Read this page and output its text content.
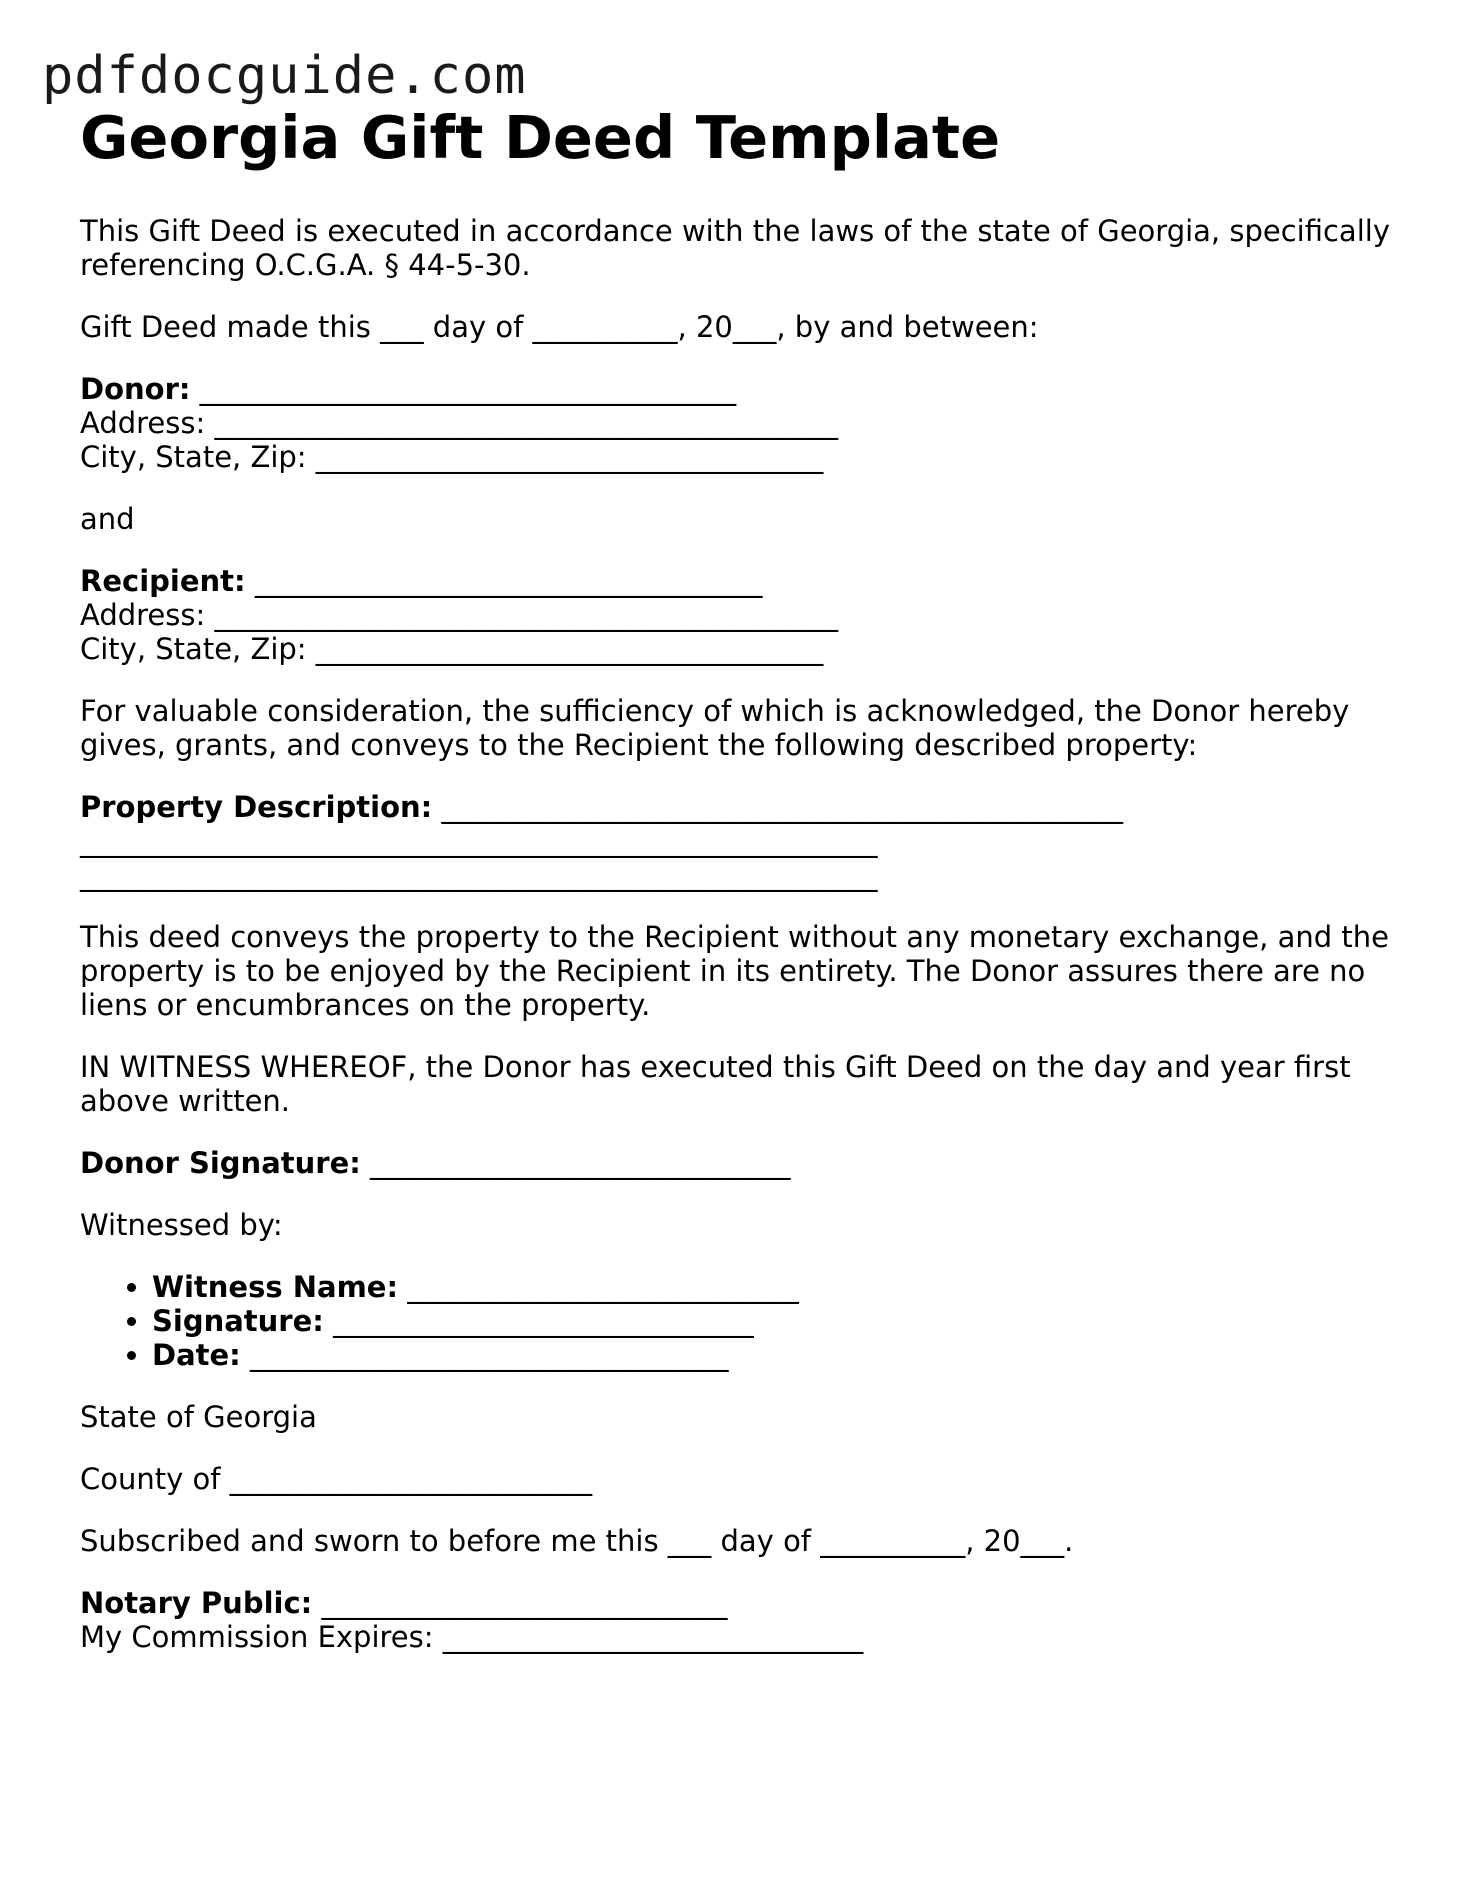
pdfdocguide.com
Georgia Gift Deed Template

This Gift Deed is executed in accordance with the laws of the state of Georgia, specifically
referencing O.C.G.A. § 44-5-30.

Gift Deed made this ___ day of __________, 20___, by and between:

Donor: _____________________________________
Address: ___________________________________________
City, State, Zip: ___________________________________

and

Recipient: ___________________________________
Address: ___________________________________________
City, State, Zip: ___________________________________

For valuable consideration, the sufficiency of which is acknowledged, the Donor hereby
gives, grants, and conveys to the Recipient the following described property:

Property Description: _______________________________________________
_______________________________________________________
_______________________________________________________

This deed conveys the property to the Recipient without any monetary exchange, and the
property is to be enjoyed by the Recipient in its entirety. The Donor assures there are no
liens or encumbrances on the property.

IN WITNESS WHEREOF, the Donor has executed this Gift Deed on the day and year first
above written.

Donor Signature: _____________________________

Witnessed by:

• Witness Name: ___________________________
• Signature: _____________________________
• Date: _________________________________

State of Georgia

County of _________________________

Subscribed and sworn to before me this ___ day of __________, 20___.

Notary Public: ____________________________
My Commission Expires: _____________________________
